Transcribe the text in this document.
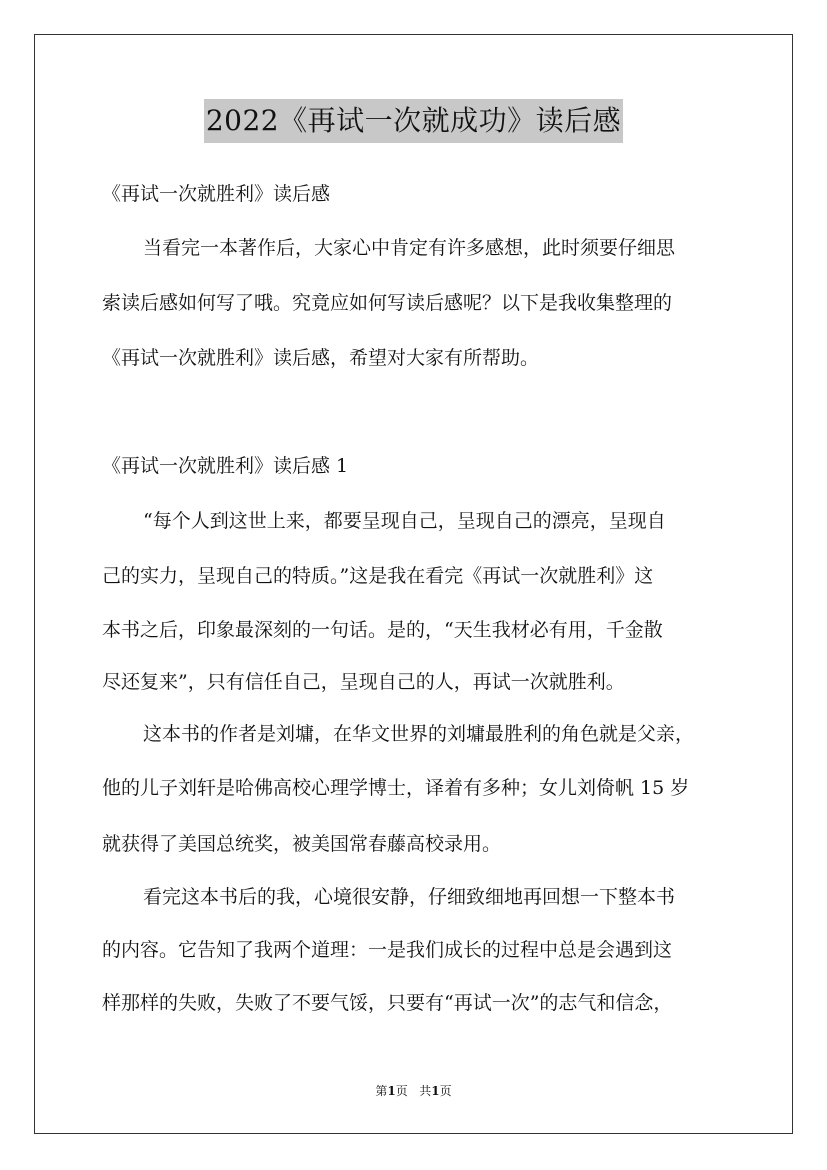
2022《再试一次就成功》读后感
《再试一次就胜利》读后感
当看完一本著作后，大家心中肯定有许多感想，此时须要仔细思
索读后感如何写了哦。究竟应如何写读后感呢？以下是我收集整理的
《再试一次就胜利》读后感，希望对大家有所帮助。
《再试一次就胜利》读后感 1
“每个人到这世上来，都要呈现自己，呈现自己的漂亮，呈现自
己的实力，呈现自己的特质。”这是我在看完《再试一次就胜利》这
本书之后，印象最深刻的一句话。是的，“天生我材必有用，千金散
尽还复来”，只有信任自己，呈现自己的人，再试一次就胜利。
这本书的作者是刘墉，在华文世界的刘墉最胜利的角色就是父亲，
他的儿子刘轩是哈佛高校心理学博士，译着有多种；女儿刘倚帆 15 岁
就获得了美国总统奖，被美国常春藤高校录用。
看完这本书后的我，心境很安静，仔细致细地再回想一下整本书
的内容。它告知了我两个道理：一是我们成长的过程中总是会遇到这
样那样的失败，失败了不要气馁，只要有“再试一次”的志气和信念，
第1页 共1页
